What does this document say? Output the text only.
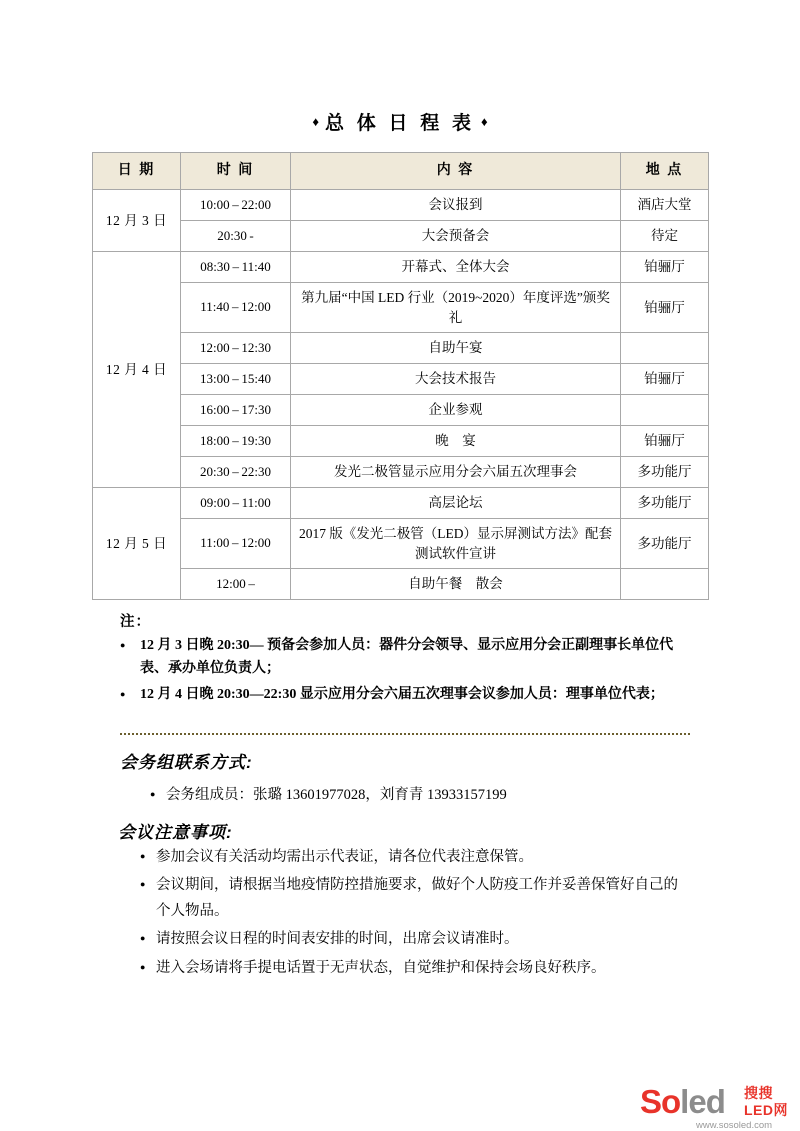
♦ 总 体 日 程 表 ♦
日 期	时 间	内 容	地 点
12 月 3 日	10:00 – 22:00	会议报到	酒店大堂
	20:30 -	大会预备会	待定
12 月 4 日	08:30 – 11:40	开幕式、全体大会	铂骊厅
	11:40 – 12:00	第九届“中国 LED 行业（2019~2020）年度评选”颁奖礼	铂骊厅
	12:00 – 12:30	自助午宴	
	13:00 – 15:40	大会技术报告	铂骊厅
	16:00 – 17:30	企业参观	
	18:00 – 19:30	晚　宴	铂骊厅
	20:30 – 22:30	发光二极管显示应用分会六届五次理事会	多功能厅
12 月 5 日	09:00 – 11:00	高层论坛	多功能厅
	11:00 – 12:00	2017 版《发光二极管（LED）显示屏测试方法》配套测试软件宣讲	多功能厅
	12:00 –	自助午餐　散会	
注：
● 12 月 3 日晚 20:30— 预备会参加人员：器件分会领导、显示应用分会正副理事长单位代表、承办单位负责人；
● 12 月 4 日晚 20:30—22:30 显示应用分会六届五次理事会议参加人员：理事单位代表；
会务组联系方式:
● 会务组成员：张璐 13601977028，刘育青 13933157199
会议注意事项:
● 参加会议有关活动均需出示代表证，请各位代表注意保管。
● 会议期间，请根据当地疫情防控措施要求，做好个人防疫工作并妥善保管好自己的个人物品。
● 请按照会议日程的时间表安排的时间，出席会议请准时。
● 进入会场请将手提电话置于无声状态，自觉维护和保持会场良好秩序。
Soled 搜搜
LED网
www.sosoled.com
